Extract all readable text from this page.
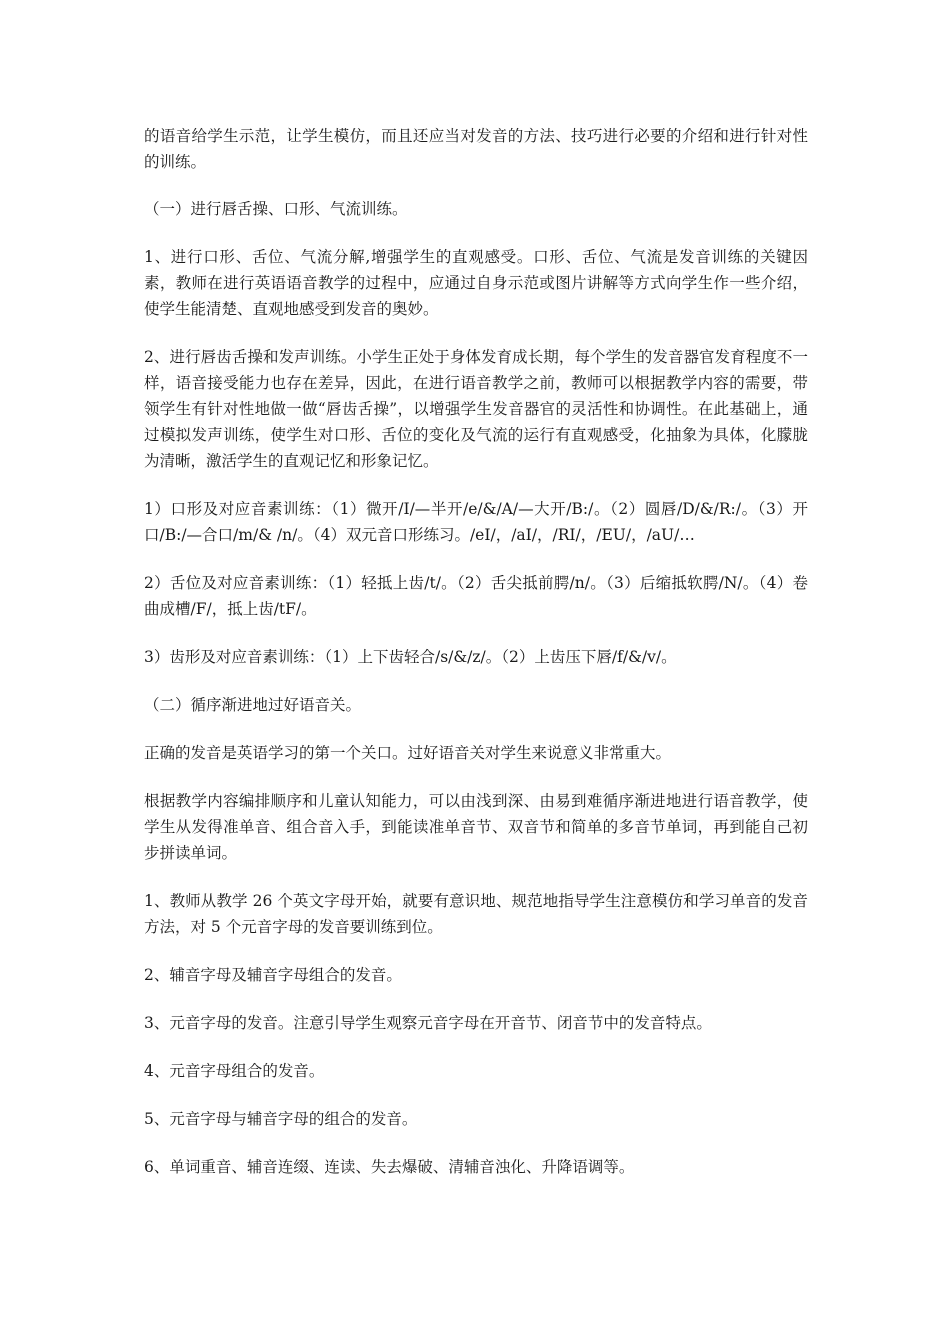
的语音给学生示范，让学生模仿，而且还应当对发音的方法、技巧进行必要的介绍和进行针对性的训练。

（一）进行唇舌操、口形、气流训练。

1、进行口形、舌位、气流分解,增强学生的直观感受。口形、舌位、气流是发音训练的关键因素，教师在进行英语语音教学的过程中，应通过自身示范或图片讲解等方式向学生作一些介绍，使学生能清楚、直观地感受到发音的奥妙。

2、进行唇齿舌操和发声训练。小学生正处于身体发育成长期，每个学生的发音器官发育程度不一样，语音接受能力也存在差异，因此，在进行语音教学之前，教师可以根据教学内容的需要，带领学生有针对性地做一做“唇齿舌操”，以增强学生发音器官的灵活性和协调性。在此基础上，通过模拟发声训练，使学生对口形、舌位的变化及气流的运行有直观感受，化抽象为具体，化朦胧为清晰，激活学生的直观记忆和形象记忆。

1）口形及对应音素训练：（1）微开/I/—半开/e/&/A/—大开/B:/。（2）圆唇/D/&/R:/。（3）开口/B:/—合口/m/& /n/。（4）双元音口形练习。/eI/，/aI/，/RI/，/EU/，/aU/…

2）舌位及对应音素训练：（1）轻抵上齿/t/。（2）舌尖抵前腭/n/。（3）后缩抵软腭/N/。（4）卷曲成槽/F/，抵上齿/tF/。

3）齿形及对应音素训练：（1）上下齿轻合/s/&/z/。（2）上齿压下唇/f/&/v/。

（二）循序渐进地过好语音关。

正确的发音是英语学习的第一个关口。过好语音关对学生来说意义非常重大。

根据教学内容编排顺序和儿童认知能力，可以由浅到深、由易到难循序渐进地进行语音教学，使学生从发得准单音、组合音入手，到能读准单音节、双音节和简单的多音节单词，再到能自己初步拼读单词。

1、教师从教学 26 个英文字母开始，就要有意识地、规范地指导学生注意模仿和学习单音的发音方法，对 5 个元音字母的发音要训练到位。

2、辅音字母及辅音字母组合的发音。

3、元音字母的发音。注意引导学生观察元音字母在开音节、闭音节中的发音特点。

4、元音字母组合的发音。

5、元音字母与辅音字母的组合的发音。

6、单词重音、辅音连缀、连读、失去爆破、清辅音浊化、升降语调等。
